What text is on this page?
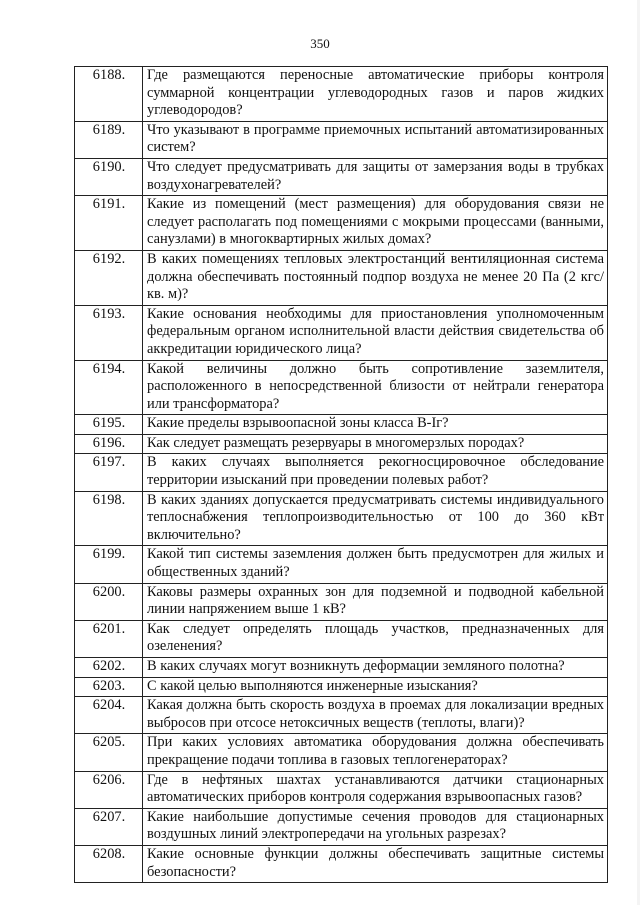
350
6188.	Где размещаются переносные автоматические приборы контроля суммарной концентрации углеводородных газов и паров жидких углеводородов?
6189.	Что указывают в программе приемочных испытаний автоматизированных систем?
6190.	Что следует предусматривать для защиты от замерзания воды в трубках воздухонагревателей?
6191.	Какие из помещений (мест размещения) для оборудования связи не следует располагать под помещениями с мокрыми процессами (ванными, санузлами) в многоквартирных жилых домах?
6192.	В каких помещениях тепловых электростанций вентиляционная система должна обеспечивать постоянный подпор воздуха не менее 20 Па (2 кгс/кв. м)?
6193.	Какие основания необходимы для приостановления уполномоченным федеральным органом исполнительной власти действия свидетельства об аккредитации юридического лица?
6194.	Какой величины должно быть сопротивление заземлителя, расположенного в непосредственной близости от нейтрали генератора или трансформатора?
6195.	Какие пределы взрывоопасной зоны класса В-Iг?
6196.	Как следует размещать резервуары в многомерзлых породах?
6197.	В каких случаях выполняется рекогносцировочное обследование территории изысканий при проведении полевых работ?
6198.	В каких зданиях допускается предусматривать системы индивидуального теплоснабжения теплопроизводительностью от 100 до 360 кВт включительно?
6199.	Какой тип системы заземления должен быть предусмотрен для жилых и общественных зданий?
6200.	Каковы размеры охранных зон для подземной и подводной кабельной линии напряжением выше 1 кВ?
6201.	Как следует определять площадь участков, предназначенных для озеленения?
6202.	В каких случаях могут возникнуть деформации земляного полотна?
6203.	С какой целью выполняются инженерные изыскания?
6204.	Какая должна быть скорость воздуха в проемах для локализации вредных выбросов при отсосе нетоксичных веществ (теплоты, влаги)?
6205.	При каких условиях автоматика оборудования должна обеспечивать прекращение подачи топлива в газовых теплогенераторах?
6206.	Где в нефтяных шахтах устанавливаются датчики стационарных автоматических приборов контроля содержания взрывоопасных газов?
6207.	Какие наибольшие допустимые сечения проводов для стационарных воздушных линий электропередачи на угольных разрезах?
6208.	Какие основные функции должны обеспечивать защитные системы безопасности?
